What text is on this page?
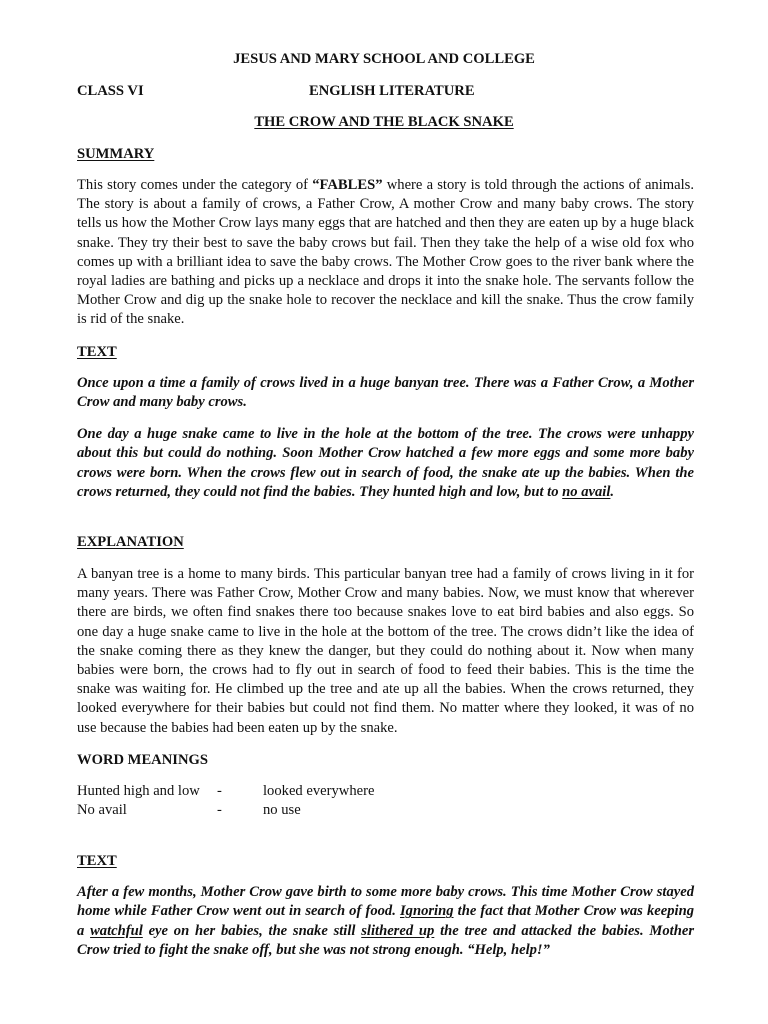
JESUS AND MARY SCHOOL AND COLLEGE
CLASS VI	ENGLISH LITERATURE
THE CROW AND THE BLACK SNAKE
SUMMARY
This story comes under the category of “FABLES” where a story is told through the actions of animals. The story is about a family of crows, a Father Crow, A mother Crow and many baby crows. The story tells us how the Mother Crow lays many eggs that are hatched and then they are eaten up by a huge black snake. They try their best to save the baby crows but fail. Then they take the help of a wise old fox who comes up with a brilliant idea to save the baby crows. The Mother Crow goes to the river bank where the royal ladies are bathing and picks up a necklace and drops it into the snake hole. The servants follow the Mother Crow and dig up the snake hole to recover the necklace and kill the snake. Thus the crow family is rid of the snake.
TEXT
Once upon a time a family of crows lived in a huge banyan tree. There was a Father Crow, a Mother Crow and many baby crows.
One day a huge snake came to live in the hole at the bottom of the tree. The crows were unhappy about this but could do nothing. Soon Mother Crow hatched a few more eggs and some more baby crows were born. When the crows flew out in search of food, the snake ate up the babies. When the crows returned, they could not find the babies. They hunted high and low, but to no avail.
EXPLANATION
A banyan tree is a home to many birds. This particular banyan tree had a family of crows living in it for many years. There was Father Crow, Mother Crow and many babies. Now, we must know that wherever there are birds, we often find snakes there too because snakes love to eat bird babies and also eggs. So one day a huge snake came to live in the hole at the bottom of the tree. The crows didn’t like the idea of the snake coming there as they knew the danger, but they could do nothing about it. Now when many babies were born, the crows had to fly out in search of food to feed their babies. This is the time the snake was waiting for. He climbed up the tree and ate up all the babies. When the crows returned, they looked everywhere for their babies but could not find them. No matter where they looked, it was of no use because the babies had been eaten up by the snake.
WORD MEANINGS
Hunted high and low -	looked everywhere
No avail	-	no use
TEXT
After a few months, Mother Crow gave birth to some more baby crows. This time Mother Crow stayed home while Father Crow went out in search of food. Ignoring the fact that Mother Crow was keeping a watchful eye on her babies, the snake still slithered up the tree and attacked the babies. Mother Crow tried to fight the snake off, but she was not strong enough. “Help, help!”
